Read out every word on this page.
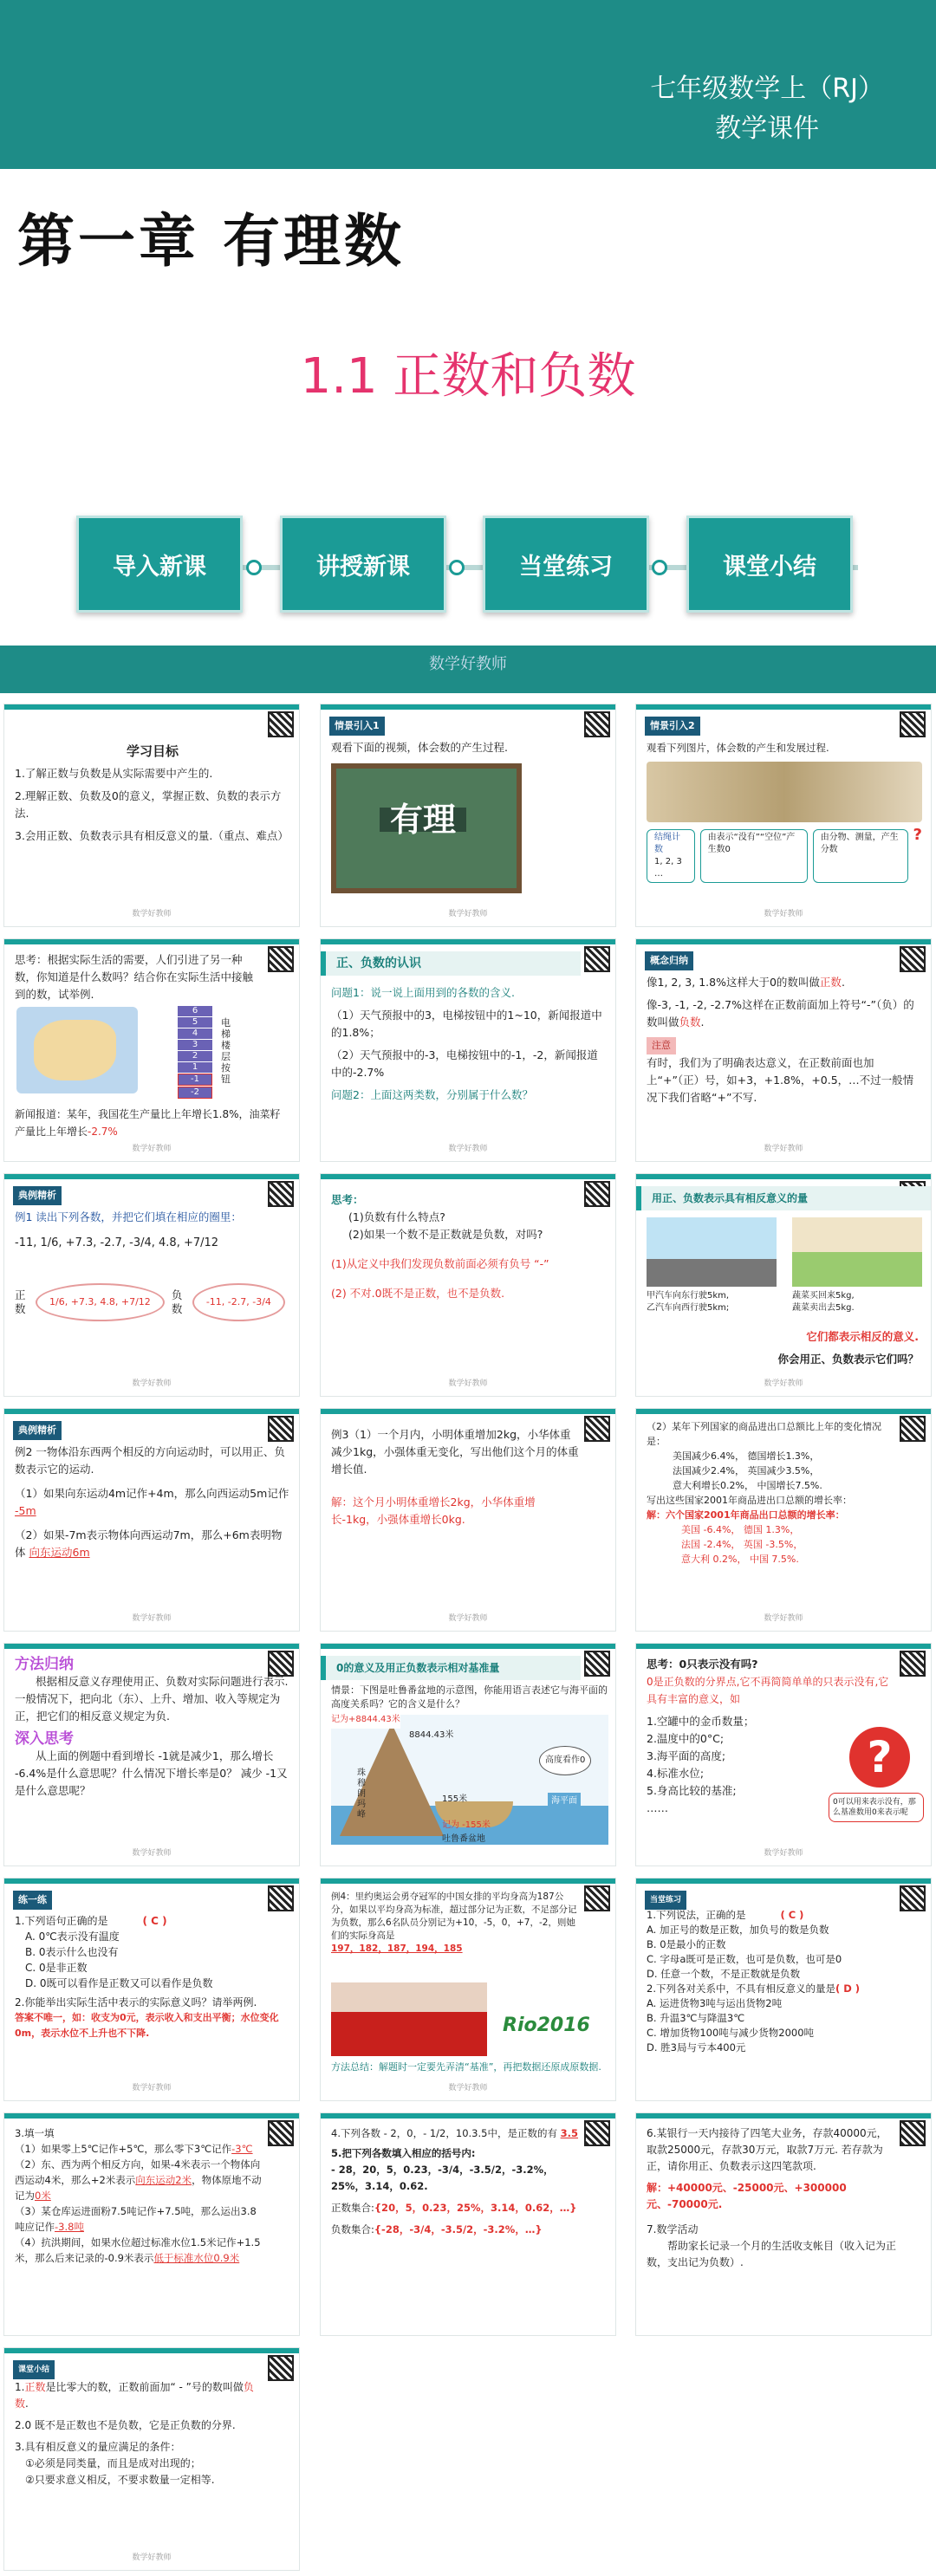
七年级数学上（RJ）
教学课件
第一章 有理数
1.1 正数和负数
导入新课	讲授新课	当堂练习	课堂小结
数学好教师
学习目标
1.了解正数与负数是从实际需要中产生的.
2.理解正数、负数及0的意义，掌握正数、负数的表示方法.
3.会用正数、负数表示具有相反意义的量.（重点、难点）
数学好教师
情景引入1
观看下面的视频，体会数的产生过程.
有理
数学好教师
情景引入2
观看下列图片，体会数的产生和发展过程.
结绳计数
1, 2, 3 …
由表示“没有”“空位”产生数0
由分物、测量，产生分数
?
数学好教师
思考：根据实际生活的需要，人们引进了另一种数，你知道是什么数吗？结合你在实际生活中接触到的数，试举例.
6
5
4
3
2
1
-1
-2
电梯楼层按钮
新闻报道：某年，我国花生产量比上年增长1.8%，油菜籽产量比上年增长-2.7%
数学好教师
正、负数的认识
问题1：说一说上面用到的各数的含义.
（1）天气预报中的3，电梯按钮中的1~10，新闻报道中的1.8%；
（2）天气预报中的-3，电梯按钮中的-1，-2，新闻报道中的-2.7%
问题2：上面这两类数，分别属于什么数？
数学好教师
概念归纳
像1, 2, 3, 1.8%这样大于0的数叫做正数.
像-3, -1, -2, -2.7%这样在正数前面加上符号“-”（负）的数叫做负数.
注意
有时，我们为了明确表达意义，在正数前面也加上“+”（正）号，如+3，+1.8%，+0.5，…不过一般情况下我们省略“+”不写.
数学好教师
典例精析
例1 读出下列各数，并把它们填在相应的圈里：
-11, 1/6, +7.3, -2.7, -3/4, 4.8, +7/12
正数
1/6, +7.3, 4.8, +7/12
负数
-11, -2.7, -3/4
数学好教师
思考：
(1)负数有什么特点?
(2)如果一个数不是正数就是负数，对吗?
(1)从定义中我们发现负数前面必须有负号 “-”
(2) 不对.0既不是正数，也不是负数.
数学好教师
用正、负数表示具有相反意义的量
甲汽车向东行驶5km,
乙汽车向西行驶5km;
蔬菜买回来5kg,
蔬菜卖出去5kg.
它们都表示相反的意义.
你会用正、负数表示它们吗？
数学好教师
典例精析
例2 一物体沿东西两个相反的方向运动时，可以用正、负数表示它的运动.
（1）如果向东运动4m记作+4m，那么向西运动5m记作 -5m
（2）如果-7m表示物体向西运动7m，那么+6m表明物体 向东运动6m
数学好教师
例3（1）一个月内，小明体重增加2kg，小华体重减少1kg，小强体重无变化，写出他们这个月的体重增长值.
解：这个月小明体重增长2kg，小华体重增长-1kg，小强体重增长0kg.
数学好教师
（2）某年下列国家的商品进出口总额比上年的变化情况是：
美国减少6.4%， 德国增长1.3%，
法国减少2.4%， 英国减少3.5%，
意大利增长0.2%， 中国增长7.5%.
写出这些国家2001年商品进出口总额的增长率：
解：六个国家2001年商品出口总额的增长率：
美国 -6.4%， 德国 1.3%，
法国 -2.4%， 英国 -3.5%，
意大利 0.2%， 中国 7.5%.
数学好教师
方法归纳
根据相反意义存理使用正、负数对实际问题进行表示.一般情况下，把向北（东）、上升、增加、收入等规定为正，把它们的相反意义规定为负.
深入思考
从上面的例题中看到增长 -1就是减少1，那么增长 -6.4%是什么意思呢？什么情况下增长率是0？ 减少 -1又是什么意思呢？
数学好教师
0的意义及用正负数表示相对基准量
情景：下图是吐鲁番盆地的示意图，你能用语言表述它与海平面的高度关系吗？它的含义是什么？
记为+8844.43米
8844.43米
珠穆朗玛峰
吐鲁番盆地
155米
记为 -155米
高度看作0
海平面
思考：0只表示没有吗?
0是正负数的分界点,它不再简简单单的只表示没有,它具有丰富的意义，如
1.空罐中的金币数量；
2.温度中的0°C;
3.海平面的高度;
4.标准水位;
5.身高比较的基准;
……
?
0可以用来表示没有，那么基准数用0来表示呢
数学好教师
练一练
1.下列语句正确的是	( C )
A. 0℃表示没有温度
B. 0表示什么也没有
C. 0是非正数
D. 0既可以看作是正数又可以看作是负数
2.你能举出实际生活中表示的实际意义吗？请举两例.
答案不唯一，如：收支为0元，表示收入和支出平衡；水位变化0m，表示水位不上升也不下降.
数学好教师
例4：里约奥运会勇夺冠军的中国女排的平均身高为187公分，如果以平均身高为标准，超过部分记为正数，不足部分记为负数，那么6名队员分别记为+10，-5，0，+7，-2，则她们的实际身高是
197，182，187，194，185
Rio2016
方法总结：解题时一定要先弄清“基准”，再把数据还原成原数据.
数学好教师
当堂练习
1.下列说法，正确的是	( C )
A. 加正号的数是正数，加负号的数是负数
B. 0是最小的正数
C. 字母a既可是正数，也可是负数，也可是0
D. 任意一个数，不是正数就是负数
2.下列各对关系中，不具有相反意义的量是( D )
A. 运进货物3吨与运出货物2吨
B. 升温3℃与降温3℃
C. 增加货物100吨与减少货物2000吨
D. 胜3局与亏本400元
3.填一填
（1）如果零上5℃记作+5℃，那么零下3℃记作-3℃
（2）东、西为两个相反方向，如果-4米表示一个物体向西运动4米，那么+2米表示向东运动2米，物体原地不动记为0米
（3）某仓库运进面粉7.5吨记作+7.5吨，那么运出3.8吨应记作-3.8吨
（4）抗洪期间，如果水位超过标准水位1.5米记作+1.5米，那么后来记录的-0.9米表示低于标准水位0.9米
4.下列各数 - 2，0，- 1/2，10.3.5中，是正数的有 3.5
5.把下列各数填入相应的括号内:
- 28，20，5，0.23，-3/4，-3.5/2，-3.2%，25%，3.14，0.62.
正数集合:{20，5，0.23，25%，3.14，0.62，…}
负数集合:{-28，-3/4，-3.5/2，-3.2%，…}
6.某银行一天内接待了四笔大业务，存款40000元，取款25000元，存款30万元，取款7万元. 若存款为正，请你用正、负数表示这四笔款项.
解：+40000元、-25000元、+300000元、-70000元.
7.数学活动
帮助家长记录一个月的生活收支帐目（收入记为正数，支出记为负数）.
课堂小结
1.正数是比零大的数，正数前面加“ - ”号的数叫做负数.
2.0 既不是正数也不是负数，它是正负数的分界.
3.具有相反意义的量应满足的条件：
①必须是同类量，而且是成对出现的；
②只要求意义相反，不要求数量一定相等.
数学好教师
